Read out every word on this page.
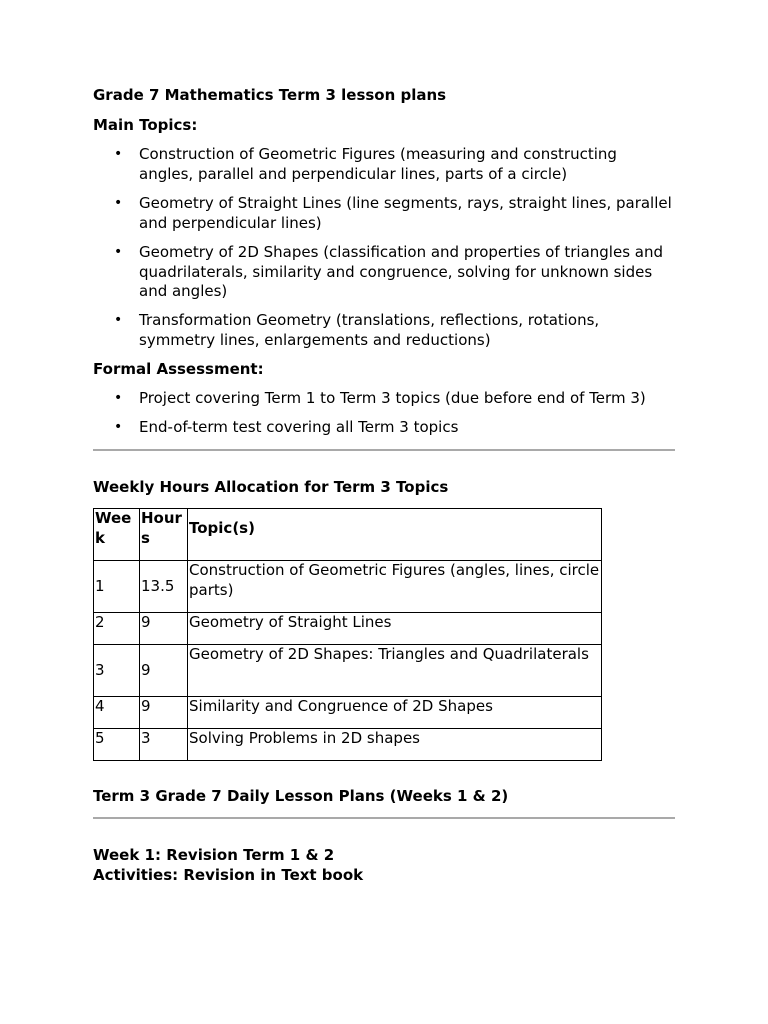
Grade 7 Mathematics Term 3 lesson plans
Main Topics:
• Construction of Geometric Figures (measuring and constructing angles, parallel and perpendicular lines, parts of a circle)
• Geometry of Straight Lines (line segments, rays, straight lines, parallel and perpendicular lines)
• Geometry of 2D Shapes (classification and properties of triangles and quadrilaterals, similarity and congruence, solving for unknown sides and angles)
• Transformation Geometry (translations, reflections, rotations, symmetry lines, enlargements and reductions)
Formal Assessment:
• Project covering Term 1 to Term 3 topics (due before end of Term 3)
• End-of-term test covering all Term 3 topics
Weekly Hours Allocation for Term 3 Topics
Week	Hours	Topic(s)
1	13.5	Construction of Geometric Figures (angles, lines, circle parts)
2	9	Geometry of Straight Lines
3	9	Geometry of 2D Shapes: Triangles and Quadrilaterals
4	9	Similarity and Congruence of 2D Shapes
5	3	Solving Problems in 2D shapes
Term 3 Grade 7 Daily Lesson Plans (Weeks 1 & 2)
Week 1: Revision Term 1 & 2
Activities: Revision in Text book
